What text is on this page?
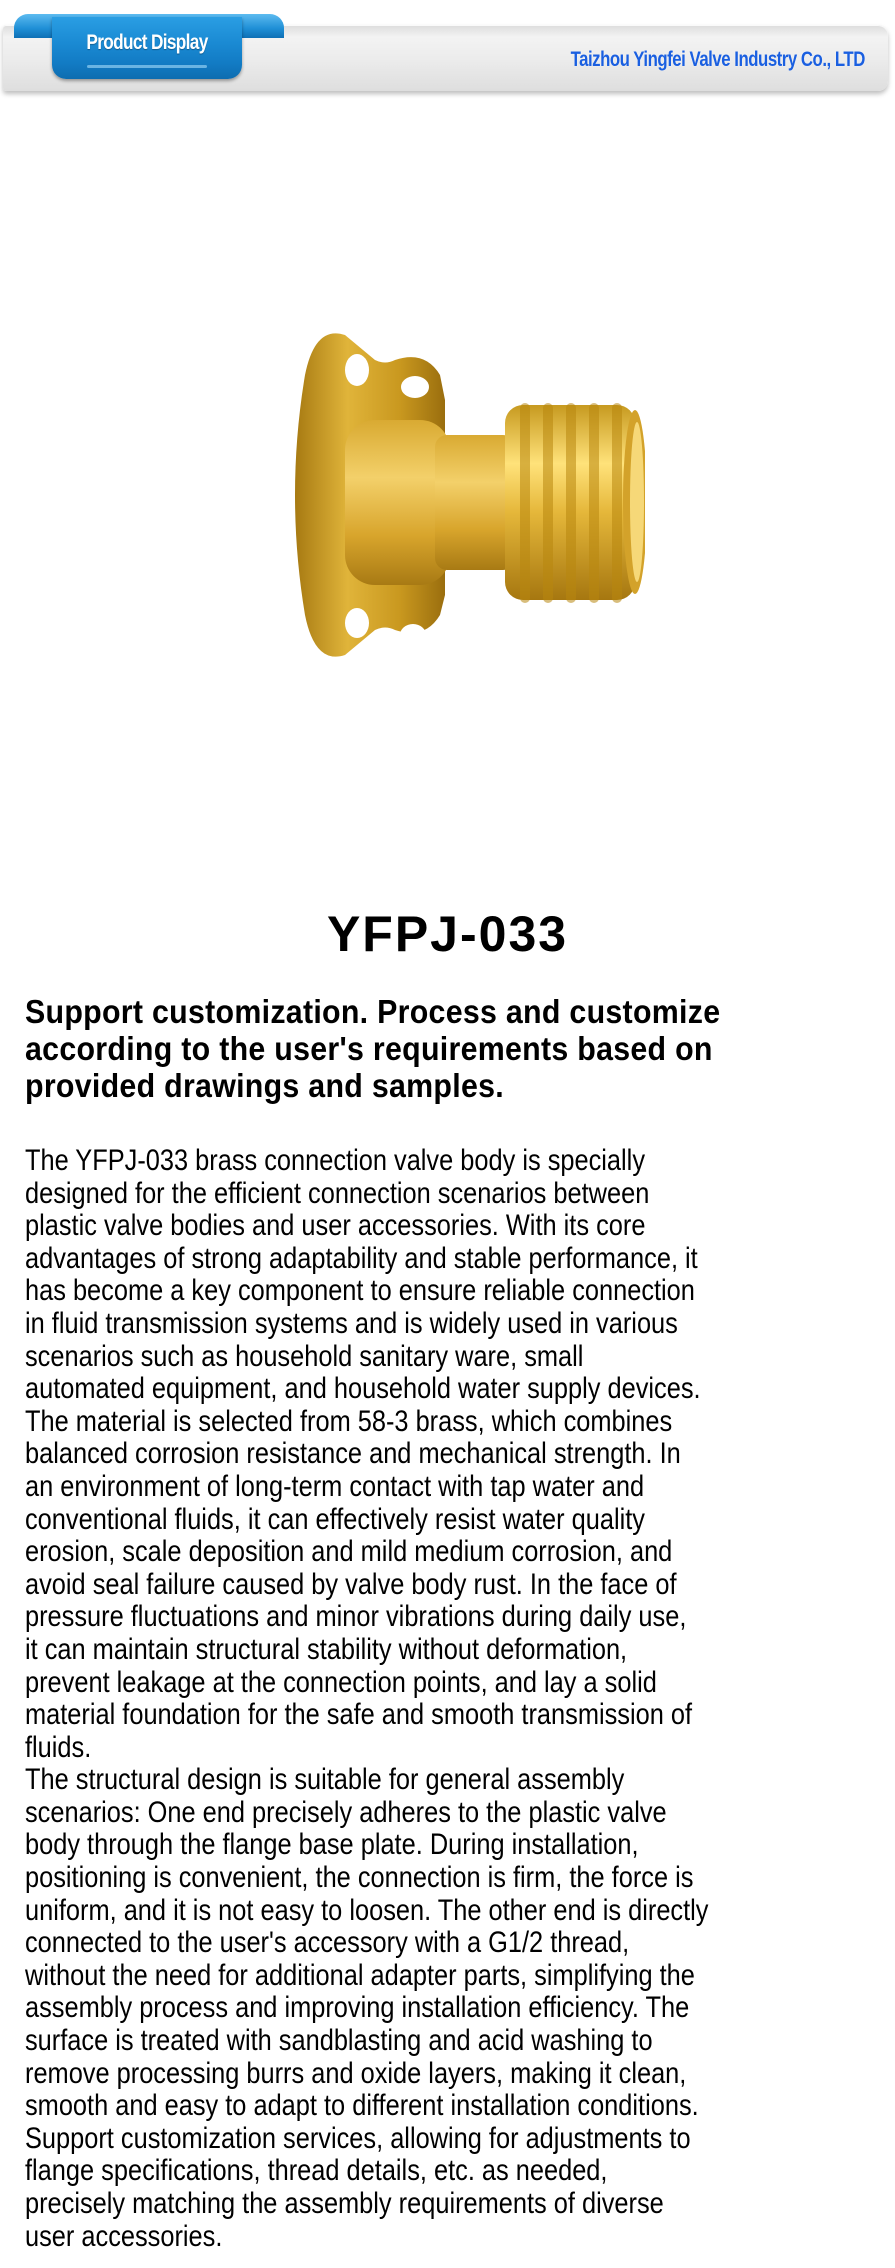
Product Display
Taizhou Yingfei Valve Industry Co., LTD
YFPJ-033
Support customization. Process and customize
according to the user's requirements based on
provided drawings and samples.
The YFPJ-033 brass connection valve body is specially
designed for the efficient connection scenarios between
plastic valve bodies and user accessories. With its core
advantages of strong adaptability and stable performance, it
has become a key component to ensure reliable connection
in fluid transmission systems and is widely used in various
scenarios such as household sanitary ware, small
automated equipment, and household water supply devices.
The material is selected from 58-3 brass, which combines
balanced corrosion resistance and mechanical strength. In
an environment of long-term contact with tap water and
conventional fluids, it can effectively resist water quality
erosion, scale deposition and mild medium corrosion, and
avoid seal failure caused by valve body rust. In the face of
pressure fluctuations and minor vibrations during daily use,
it can maintain structural stability without deformation,
prevent leakage at the connection points, and lay a solid
material foundation for the safe and smooth transmission of
fluids.
The structural design is suitable for general assembly
scenarios: One end precisely adheres to the plastic valve
body through the flange base plate. During installation,
positioning is convenient, the connection is firm, the force is
uniform, and it is not easy to loosen. The other end is directly
connected to the user's accessory with a G1/2 thread,
without the need for additional adapter parts, simplifying the
assembly process and improving installation efficiency. The
surface is treated with sandblasting and acid washing to
remove processing burrs and oxide layers, making it clean,
smooth and easy to adapt to different installation conditions.
Support customization services, allowing for adjustments to
flange specifications, thread details, etc. as needed,
precisely matching the assembly requirements of diverse
user accessories.
